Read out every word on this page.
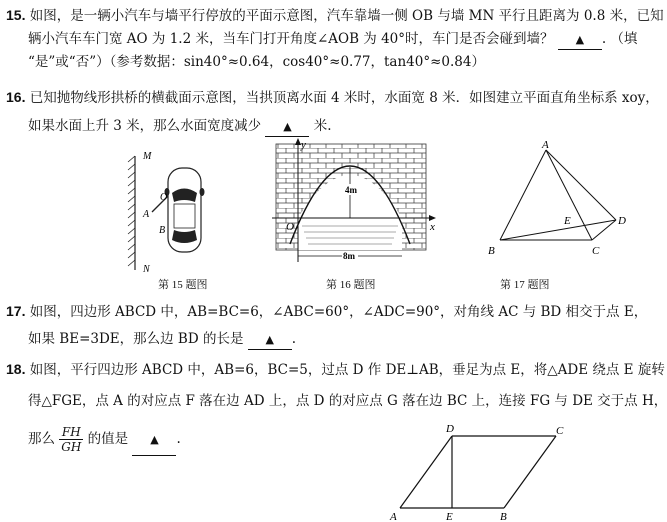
15. 如图，是一辆小汽车与墙平行停放的平面示意图，汽车靠墙一侧 OB 与墙 MN 平行且距离为 0.8 米，已知
辆小汽车车门宽 AO 为 1.2 米，当车门打开角度∠AOB 为 40°时，车门是否会碰到墙？ ▲ . （填
“是”或“否”）（参考数据：sin40°≈0.64，cos40°≈0.77，tan40°≈0.84）
16. 已知抛物线形拱桥的横截面示意图，当拱顶离水面 4 米时，水面宽 8 米．如图建立平面直角坐标系 xoy，
如果水面上升 3 米，那么水面宽度减少 ▲ 米.
M
N
O
A
B
第 15 题图
4m
8m
y
x
O
第 16 题图
A
B	C
D
E
第 17 题图
17. 如图，四边形 ABCD 中，AB=BC=6，∠ABC=60°，∠ADC=90°，对角线 AC 与 BD 相交于点 E，
如果 BE=3DE，那么边 BD 的长是 ▲ .
18. 如图，平行四边形 ABCD 中，AB=6，BC=5，过点 D 作 DE⊥AB，垂足为点 E，将△ADE 绕点 E 旋转
得△FGE，点 A 的对应点 F 落在边 AD 上，点 D 的对应点 G 落在边 BC 上，连接 FG 与 DE 交于点 H，
那么 $\frac{FH}{GH}$ 的值是 ▲ .
D	C
A	E	B
